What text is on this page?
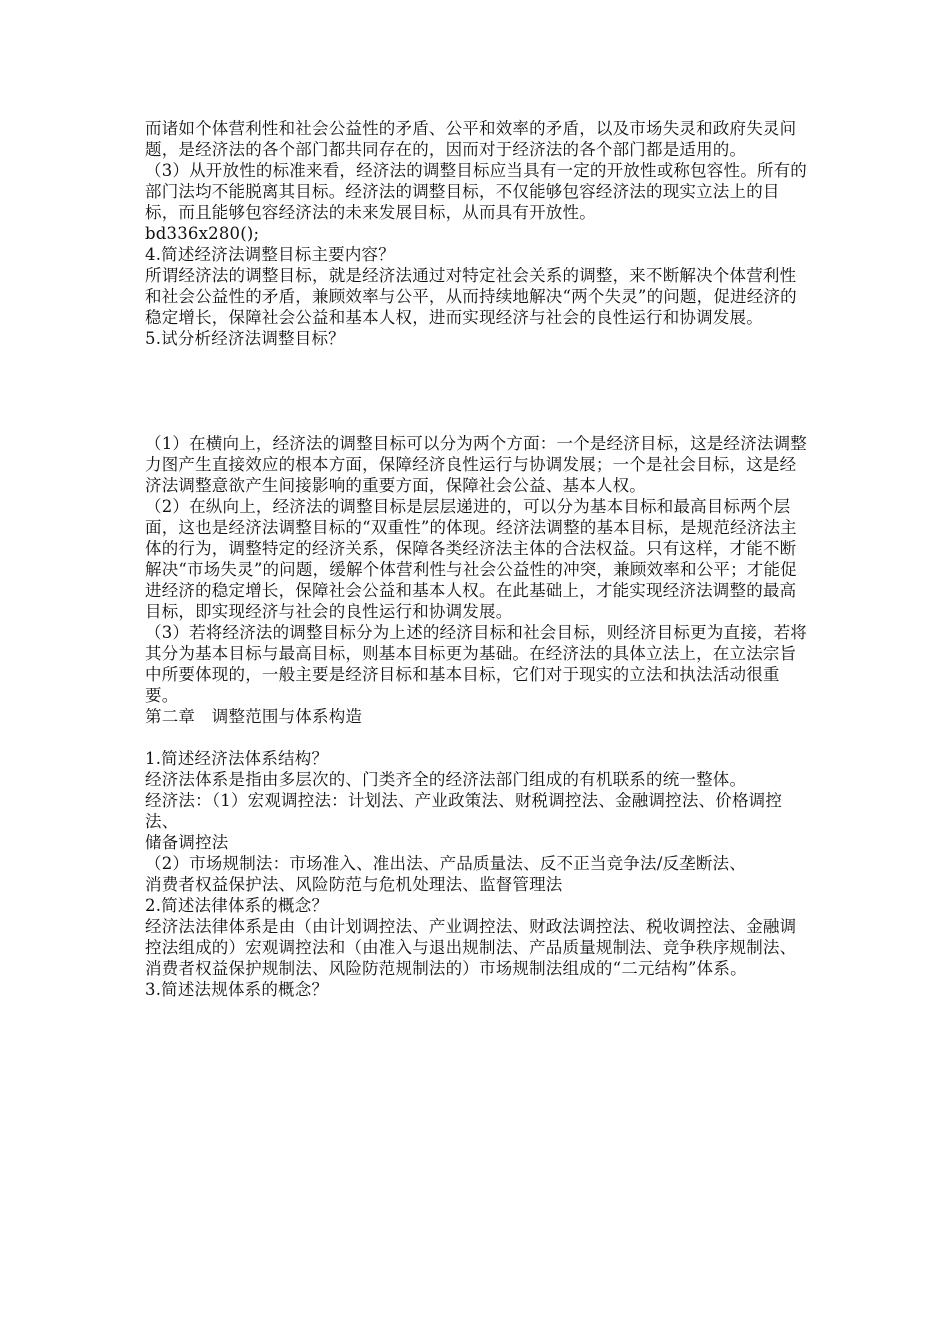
而诸如个体营利性和社会公益性的矛盾、公平和效率的矛盾，以及市场失灵和政府失灵问题，是经济法的各个部门都共同存在的，因而对于经济法的各个部门都是适用的。

（3）从开放性的标准来看，经济法的调整目标应当具有一定的开放性或称包容性。所有的部门法均不能脱离其目标。经济法的调整目标，不仅能够包容经济法的现实立法上的目标，而且能够包容经济法的未来发展目标，从而具有开放性。

bd336x280();

4.简述经济法调整目标主要内容？

所谓经济法的调整目标，就是经济法通过对特定社会关系的调整，来不断解决个体营利性和社会公益性的矛盾，兼顾效率与公平，从而持续地解决“两个失灵”的问题，促进经济的稳定增长，保障社会公益和基本人权，进而实现经济与社会的良性运行和协调发展。

5.试分析经济法调整目标？

（1）在横向上，经济法的调整目标可以分为两个方面：一个是经济目标，这是经济法调整力图产生直接效应的根本方面，保障经济良性运行与协调发展；一个是社会目标，这是经济法调整意欲产生间接影响的重要方面，保障社会公益、基本人权。

（2）在纵向上，经济法的调整目标是层层递进的，可以分为基本目标和最高目标两个层面，这也是经济法调整目标的“双重性”的体现。经济法调整的基本目标，是规范经济法主体的行为，调整特定的经济关系，保障各类经济法主体的合法权益。只有这样，才能不断解决“市场失灵”的问题，缓解个体营利性与社会公益性的冲突，兼顾效率和公平；才能促进经济的稳定增长，保障社会公益和基本人权。在此基础上，才能实现经济法调整的最高目标，即实现经济与社会的良性运行和协调发展。

（3）若将经济法的调整目标分为上述的经济目标和社会目标，则经济目标更为直接，若将其分为基本目标与最高目标，则基本目标更为基础。在经济法的具体立法上，在立法宗旨中所要体现的，一般主要是经济目标和基本目标，它们对于现实的立法和执法活动很重要。

第二章　调整范围与体系构造

1.简述经济法体系结构？

经济法体系是指由多层次的、门类齐全的经济法部门组成的有机联系的统一整体。

经济法：（1）宏观调控法：计划法、产业政策法、财税调控法、金融调控法、价格调控法、

储备调控法

（2）市场规制法：市场准入、准出法、产品质量法、反不正当竞争法/反垄断法、

消费者权益保护法、风险防范与危机处理法、监督管理法

2.简述法律体系的概念？

经济法法律体系是由（由计划调控法、产业调控法、财政法调控法、税收调控法、金融调控法组成的）宏观调控法和（由准入与退出规制法、产品质量规制法、竞争秩序规制法、消费者权益保护规制法、风险防范规制法的）市场规制法组成的“二元结构”体系。

3.简述法规体系的概念？
